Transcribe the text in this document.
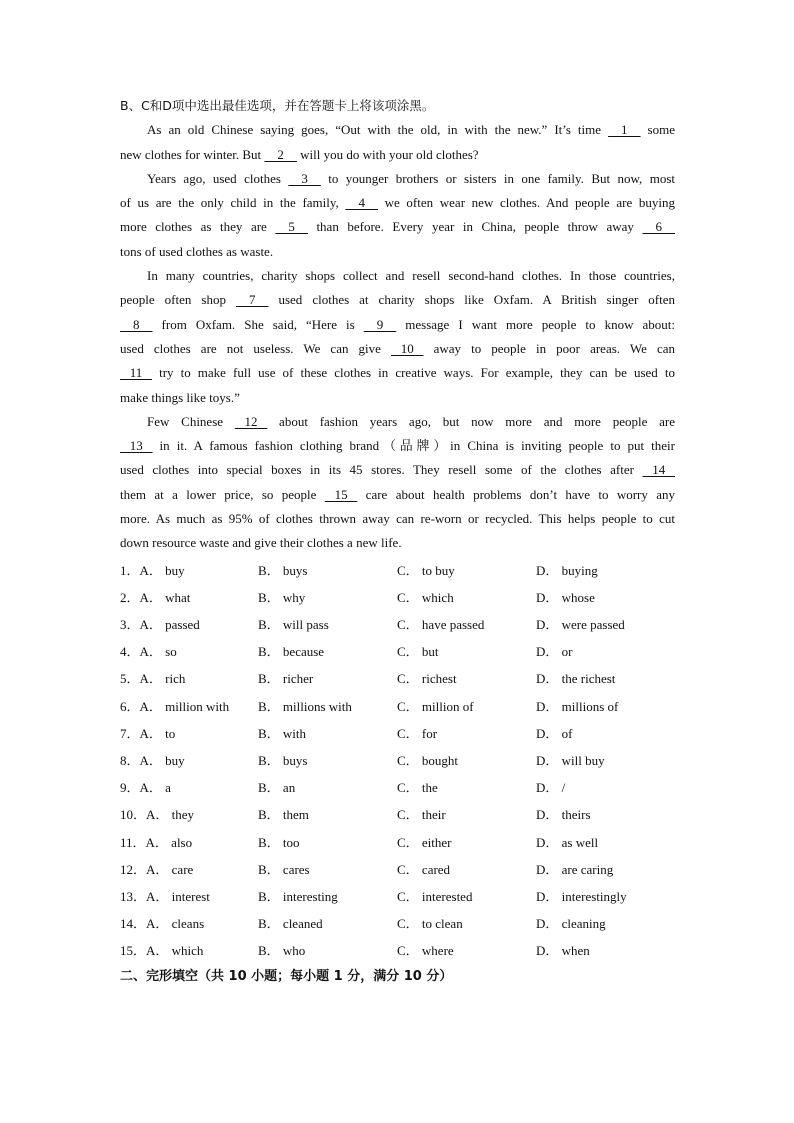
B、C和D项中选出最佳选项，并在答题卡上将该项涂黑。
As an old Chinese saying goes, “Out with the old, in with the new.” It’s time     1     some
new clothes for winter. But     2     will you do with your old clothes?
Years ago, used clothes     3     to younger brothers or sisters in one family. But now, most
of us are the only child in the family,     4     we often wear new clothes. And people are buying
more clothes as they are     5     than before. Every year in China, people throw away     6
tons of used clothes as waste.
In many countries, charity shops collect and resell second-hand clothes. In those countries,
people often shop     7     used clothes at charity shops like Oxfam. A British singer often
8     from Oxfam. She said, “Here is     9     message I want more people to know about:
used clothes are not useless. We can give    10    away to people in poor areas. We can
11    try to make full use of these clothes in creative ways. For example, they can be used to
make things like toys.”
Few Chinese    12    about fashion years ago, but now more and more people are
13    in it. A famous fashion clothing brand（品牌）in China is inviting people to put their
used clothes into special boxes in its 45 stores. They resell some of the clothes after    14
them at a lower price, so people    15    care about health problems don’t have to worry any
more. As much as 95% of clothes thrown away can re-worn or recycled. This helps people to cut
down resource waste and give their clothes a new life.
1．A． buy	B． buys	C． to buy	D． buying
2．A． what	B． why	C． which	D． whose
3．A． passed	B． will pass	C． have passed	D． were passed
4．A． so	B． because	C． but	D． or
5．A． rich	B． richer	C． richest	D． the richest
6．A． million with	B． millions with	C． million of	D． millions of
7．A． to	B． with	C． for	D． of
8．A． buy	B． buys	C． bought	D． will buy
9．A． a	B． an	C． the	D． /
10．A． they	B． them	C． their	D． theirs
11．A． also	B． too	C． either	D． as well
12．A． care	B． cares	C． cared	D． are caring
13．A． interest	B． interesting	C． interested	D． interestingly
14．A． cleans	B． cleaned	C． to clean	D． cleaning
15．A． which	B． who	C． where	D． when
二、完形填空（共 10 小题；每小题 1 分，满分 10 分）
